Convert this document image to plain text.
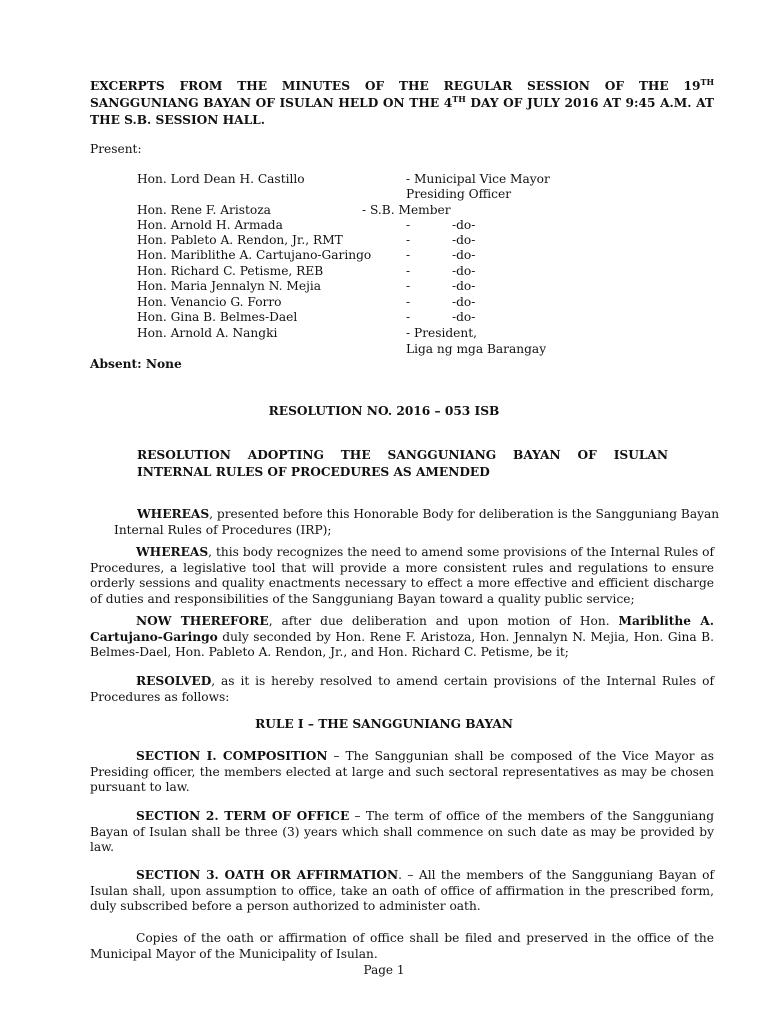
EXCERPTS FROM THE MINUTES OF THE REGULAR SESSION OF THE 19TH SANGGUNIANG BAYAN OF ISULAN HELD ON THE 4TH DAY OF JULY 2016 AT 9:45 A.M. AT THE S.B. SESSION HALL.
Present:
Hon. Lord Dean H. Castillo	- Municipal Vice Mayor
Presiding Officer
Hon. Rene F. Aristoza	- S.B. Member
Hon. Arnold H. Armada	-	-do-
Hon. Pableto A. Rendon, Jr., RMT	-	-do-
Hon. Mariblithe A. Cartujano-Garingo	-	-do-
Hon. Richard C. Petisme, REB	-	-do-
Hon. Maria Jennalyn N. Mejia	-	-do-
Hon. Venancio G. Forro	-	-do-
Hon. Gina B. Belmes-Dael	-	-do-
Hon. Arnold A. Nangki	- President,
Liga ng mga Barangay
Absent: None
RESOLUTION NO. 2016 – 053 ISB
RESOLUTION ADOPTING THE SANGGUNIANG BAYAN OF ISULAN INTERNAL RULES OF PROCEDURES AS AMENDED
WHEREAS, presented before this Honorable Body for deliberation is the Sangguniang Bayan
Internal Rules of Procedures (IRP);
WHEREAS, this body recognizes the need to amend some provisions of the Internal Rules of Procedures, a legislative tool that will provide a more consistent rules and regulations to ensure orderly sessions and quality enactments necessary to effect a more effective and efficient discharge of duties and responsibilities of the Sangguniang Bayan toward a quality public service;
NOW THEREFORE, after due deliberation and upon motion of Hon. Mariblithe A. Cartujano-Garingo duly seconded by Hon. Rene F. Aristoza, Hon. Jennalyn N. Mejia, Hon. Gina B. Belmes-Dael, Hon. Pableto A. Rendon, Jr., and Hon. Richard C. Petisme, be it;
RESOLVED, as it is hereby resolved to amend certain provisions of the Internal Rules of Procedures as follows:
RULE I – THE SANGGUNIANG BAYAN
SECTION I. COMPOSITION – The Sanggunian shall be composed of the Vice Mayor as Presiding officer, the members elected at large and such sectoral representatives as may be chosen pursuant to law.
SECTION 2. TERM OF OFFICE – The term of office of the members of the Sangguniang Bayan of Isulan shall be three (3) years which shall commence on such date as may be provided by law.
SECTION 3. OATH OR AFFIRMATION. – All the members of the Sangguniang Bayan of Isulan shall, upon assumption to office, take an oath of office of affirmation in the prescribed form, duly subscribed before a person authorized to administer oath.
Copies of the oath or affirmation of office shall be filed and preserved in the office of the Municipal Mayor of the Municipality of Isulan.
Page 1
